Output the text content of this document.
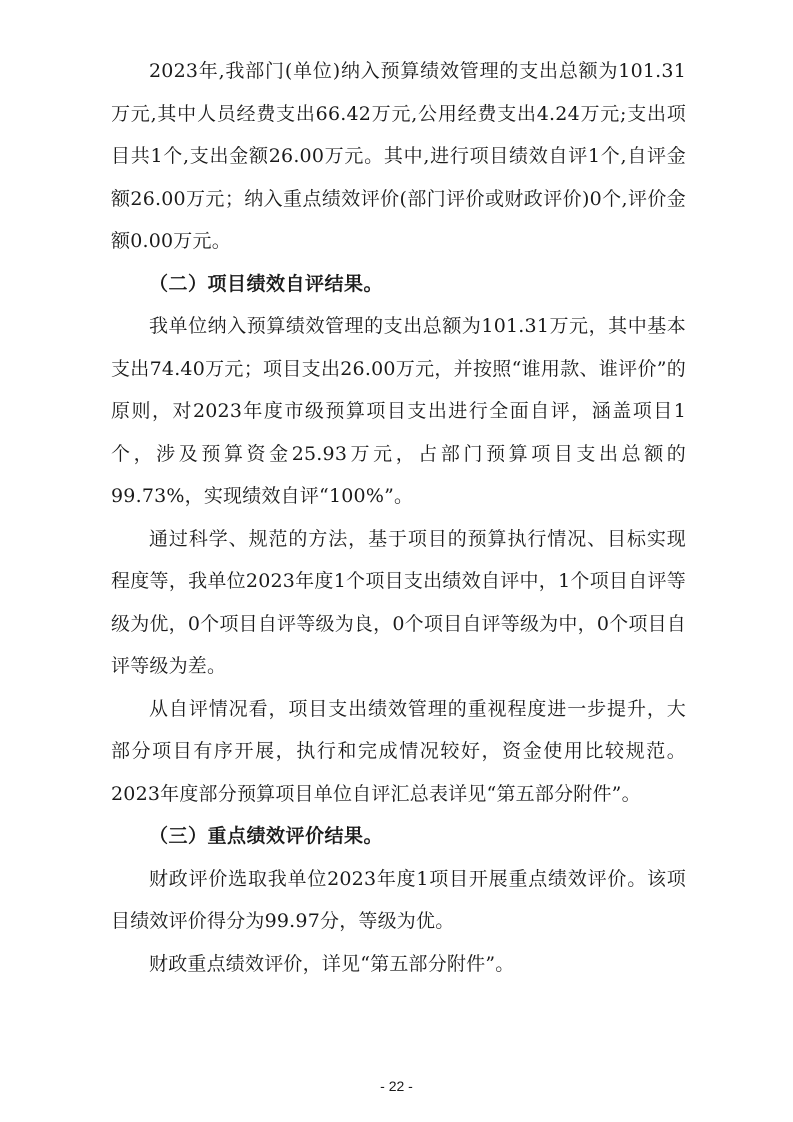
2023年,我部门(单位)纳入预算绩效管理的支出总额为101.31万元,其中人员经费支出66.42万元,公用经费支出4.24万元;支出项目共1个,支出金额26.00万元。其中,进行项目绩效自评1个,自评金额26.00万元；纳入重点绩效评价(部门评价或财政评价)0个,评价金额0.00万元。

（二）项目绩效自评结果。

我单位纳入预算绩效管理的支出总额为101.31万元，其中基本支出74.40万元；项目支出26.00万元，并按照“谁用款、谁评价”的原则，对2023年度市级预算项目支出进行全面自评，涵盖项目1个，涉及预算资金25.93万元，占部门预算项目支出总额的99.73%，实现绩效自评“100%”。

通过科学、规范的方法，基于项目的预算执行情况、目标实现程度等，我单位2023年度1个项目支出绩效自评中，1个项目自评等级为优，0个项目自评等级为良，0个项目自评等级为中，0个项目自评等级为差。

从自评情况看，项目支出绩效管理的重视程度进一步提升，大部分项目有序开展，执行和完成情况较好，资金使用比较规范。2023年度部分预算项目单位自评汇总表详见“第五部分附件”。

（三）重点绩效评价结果。

财政评价选取我单位2023年度1项目开展重点绩效评价。该项目绩效评价得分为99.97分，等级为优。

财政重点绩效评价，详见“第五部分附件”。

- 22 -
